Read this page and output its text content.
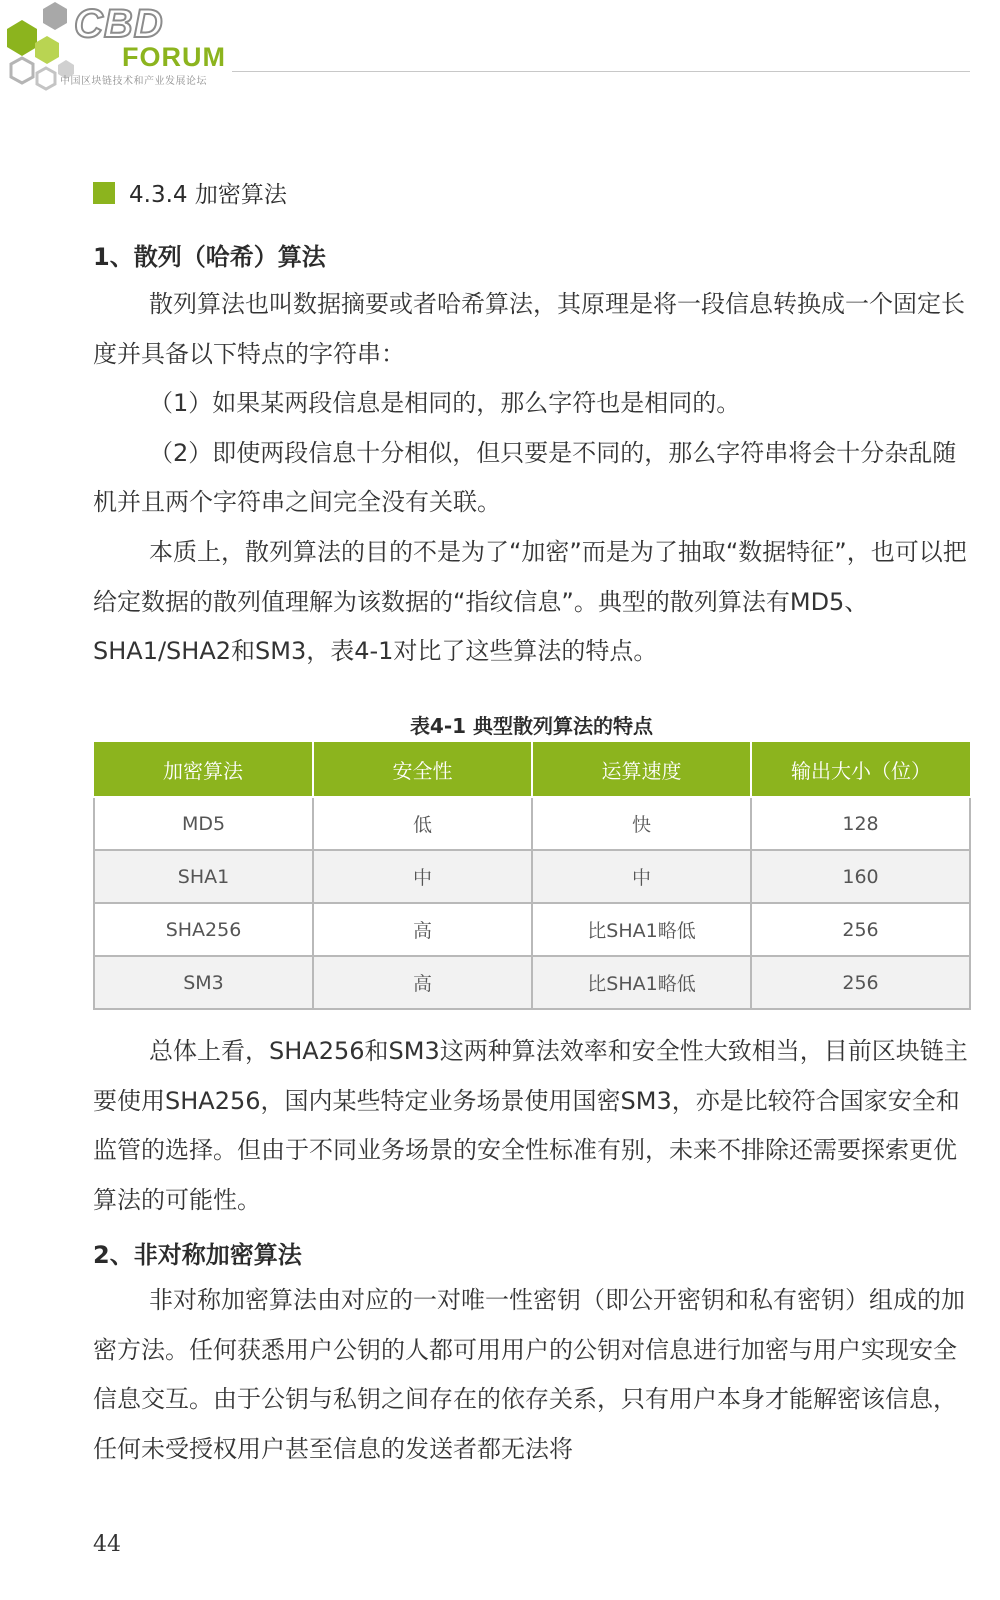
CBD
FORUM
中国区块链技术和产业发展论坛
4.3.4 加密算法
1、散列（哈希）算法

散列算法也叫数据摘要或者哈希算法，其原理是将一段信息转换成一个固定长度并具备以下特点的字符串：

（1）如果某两段信息是相同的，那么字符也是相同的。

（2）即使两段信息十分相似，但只要是不同的，那么字符串将会十分杂乱随机并且两个字符串之间完全没有关联。

本质上，散列算法的目的不是为了“加密”而是为了抽取“数据特征”，也可以把给定数据的散列值理解为该数据的“指纹信息”。典型的散列算法有MD5、SHA1/SHA2和SM3，表4-1对比了这些算法的特点。

表4-1 典型散列算法的特点
加密算法	安全性	运算速度	输出大小（位）
MD5	低	快	128
SHA1	中	中	160
SHA256	高	比SHA1略低	256
SM3	高	比SHA1略低	256

总体上看，SHA256和SM3这两种算法效率和安全性大致相当，目前区块链主要使用SHA256，国内某些特定业务场景使用国密SM3，亦是比较符合国家安全和监管的选择。但由于不同业务场景的安全性标准有别，未来不排除还需要探索更优算法的可能性。

2、非对称加密算法

非对称加密算法由对应的一对唯一性密钥（即公开密钥和私有密钥）组成的加密方法。任何获悉用户公钥的人都可用用户的公钥对信息进行加密与用户实现安全信息交互。由于公钥与私钥之间存在的依存关系，只有用户本身才能解密该信息，任何未受授权用户甚至信息的发送者都无法将

44
